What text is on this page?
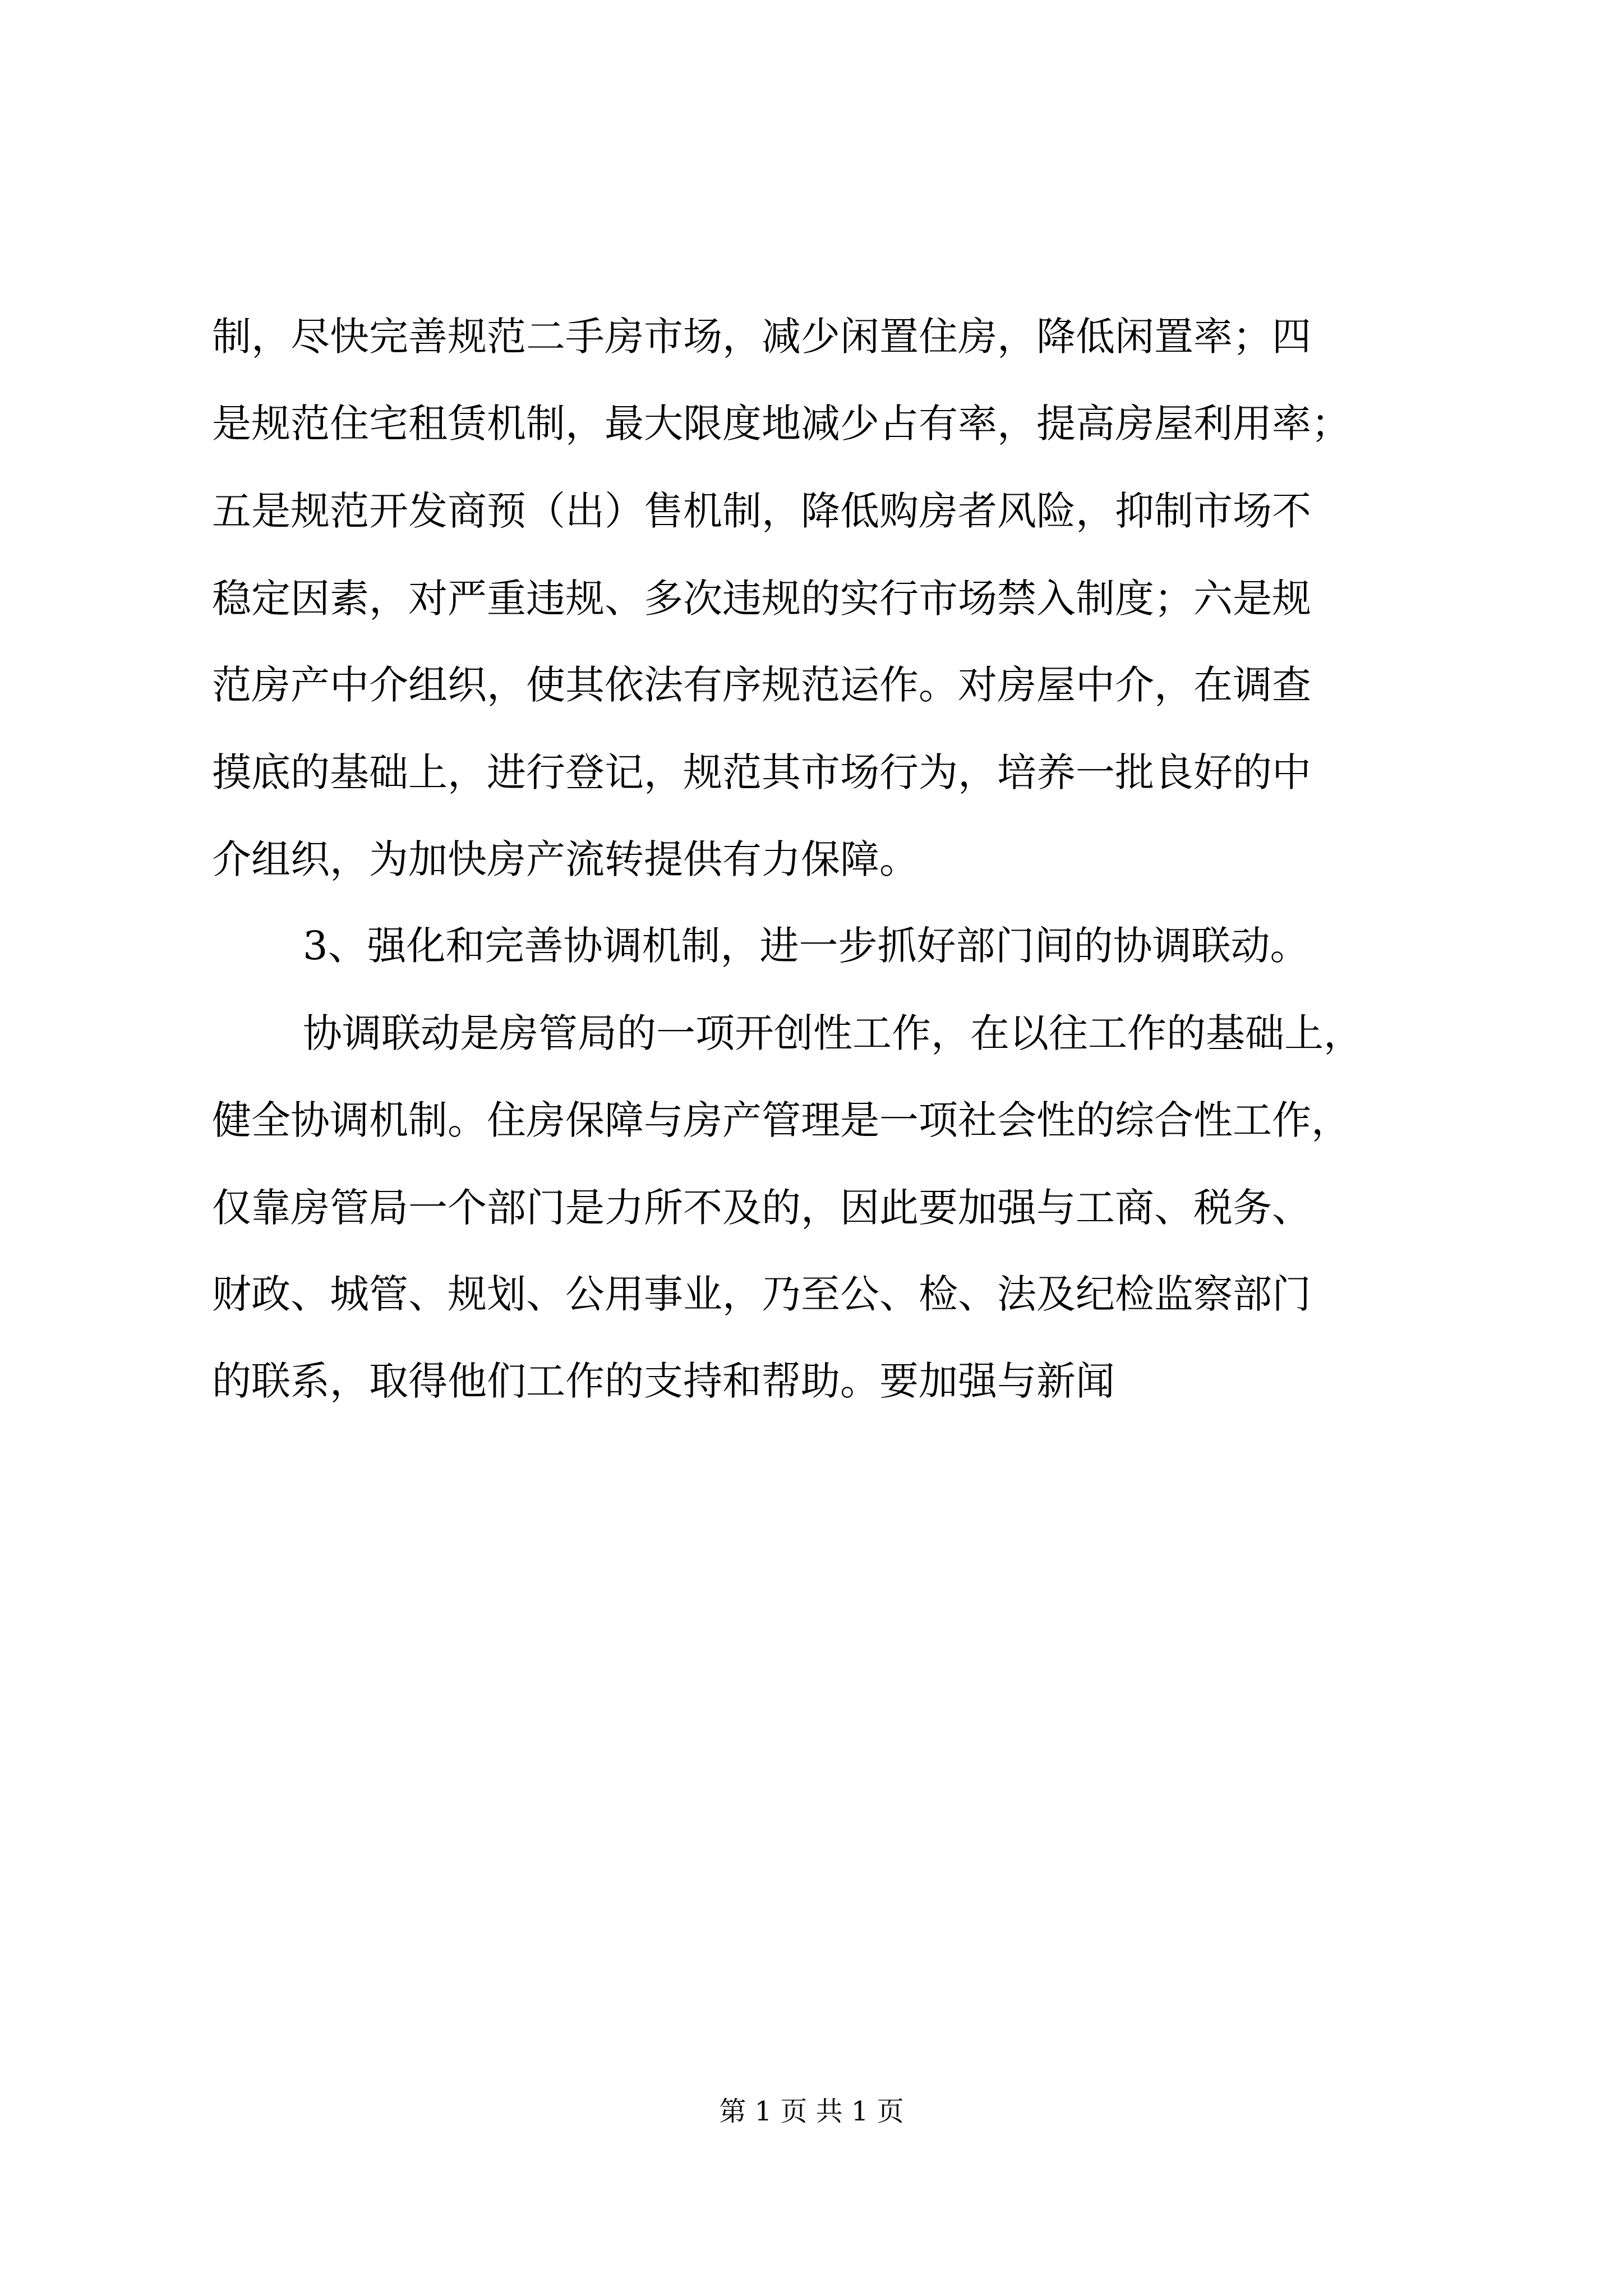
制，尽快完善规范二手房市场，减少闲置住房，降低闲置率；四
是规范住宅租赁机制，最大限度地减少占有率，提高房屋利用率；
五是规范开发商预（出）售机制，降低购房者风险，抑制市场不
稳定因素，对严重违规、多次违规的实行市场禁入制度；六是规
范房产中介组织，使其依法有序规范运作。对房屋中介，在调查
摸底的基础上，进行登记，规范其市场行为，培养一批良好的中
介组织，为加快房产流转提供有力保障。
3、强化和完善协调机制，进一步抓好部门间的协调联动。
协调联动是房管局的一项开创性工作，在以往工作的基础上，
健全协调机制。住房保障与房产管理是一项社会性的综合性工作，
仅靠房管局一个部门是力所不及的，因此要加强与工商、税务、
财政、城管、规划、公用事业，乃至公、检、法及纪检监察部门
的联系，取得他们工作的支持和帮助。要加强与新闻
第 1 页 共 1 页
